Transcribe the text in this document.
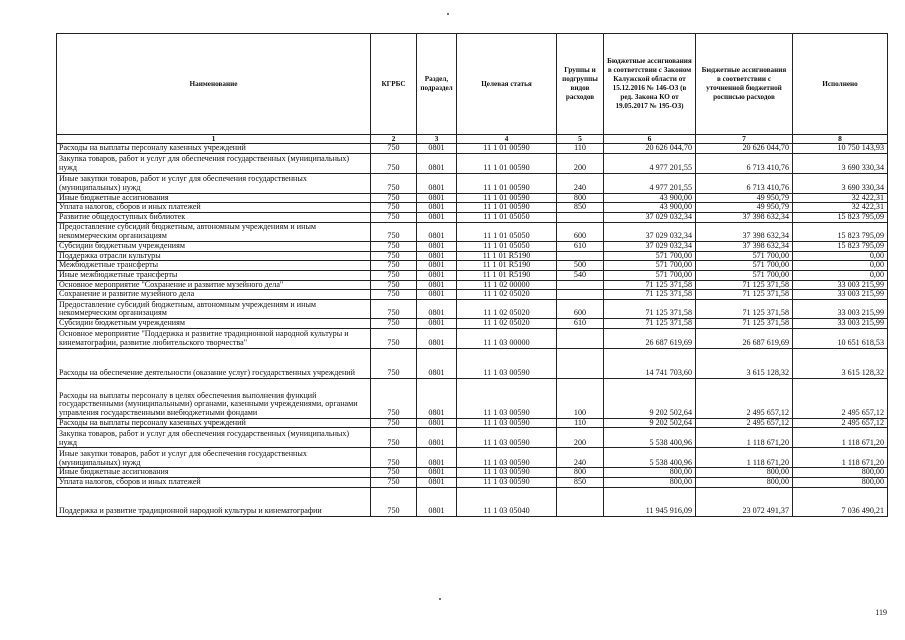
Наименование	КГРБС	Раздел, подраздел	Целевая статья	Группы и подгруппы видов расходов	Бюджетные ассигнования в соответствии с Законом Калужской области от 15.12.2016 № 146-ОЗ (в ред. Закона КО от 19.05.2017 № 195-ОЗ)	Бюджетные ассигнования в соответствии с уточненной бюджетной росписью расходов	Исполнено
1	2	3	4	5	6	7	8
Расходы на выплаты персоналу казенных учреждений	750	0801	11 1 01 00590	110	20 626 044,70	20 626 044,70	10 750 143,93
Закупка товаров, работ и услуг для обеспечения государственных (муниципальных) нужд	750	0801	11 1 01 00590	200	4 977 201,55	6 713 410,76	3 690 330,34
Иные закупки товаров, работ и услуг для обеспечения государственных (муниципальных) нужд	750	0801	11 1 01 00590	240	4 977 201,55	6 713 410,76	3 690 330,34
Иные бюджетные ассигнования	750	0801	11 1 01 00590	800	43 900,00	49 950,79	32 422,31
Уплата налогов, сборов и иных платежей	750	0801	11 1 01 00590	850	43 900,00	49 950,79	32 422,31
Развитие общедоступных библиотек	750	0801	11 1 01 05050		37 029 032,34	37 398 632,34	15 823 795,09
Предоставление субсидий бюджетным, автономным учреждениям и иным некоммерческим организациям	750	0801	11 1 01 05050	600	37 029 032,34	37 398 632,34	15 823 795,09
Субсидии бюджетным учреждениям	750	0801	11 1 01 05050	610	37 029 032,34	37 398 632,34	15 823 795,09
Поддержка отрасли культуры	750	0801	11 1 01 R5190		571 700,00	571 700,00	0,00
Межбюджетные трансферты	750	0801	11 1 01 R5190	500	571 700,00	571 700,00	0,00
Иные межбюджетные трансферты	750	0801	11 1 01 R5190	540	571 700,00	571 700,00	0,00
Основное мероприятие "Сохранение и развитие музейного дела"	750	0801	11 1 02 00000		71 125 371,58	71 125 371,58	33 003 215,99
Сохранение и развитие музейного дела	750	0801	11 1 02 05020		71 125 371,58	71 125 371,58	33 003 215,99
Предоставление субсидий бюджетным, автономным учреждениям и иным некоммерческим организациям	750	0801	11 1 02 05020	600	71 125 371,58	71 125 371,58	33 003 215,99
Субсидии бюджетным учреждениям	750	0801	11 1 02 05020	610	71 125 371,58	71 125 371,58	33 003 215,99
Основное мероприятие "Поддержка и развитие традиционной народной культуры и кинематографии, развитие любительского творчества"	750	0801	11 1 03 00000		26 687 619,69	26 687 619,69	10 651 618,53
Расходы на обеспечение деятельности (оказание услуг) государственных учреждений	750	0801	11 1 03 00590		14 741 703,60	3 615 128,32	3 615 128,32
Расходы на выплаты персоналу в целях обеспечения выполнения функций государственными (муниципальными) органами, казенными учреждениями, органами управления государственными внебюджетными фондами	750	0801	11 1 03 00590	100	9 202 502,64	2 495 657,12	2 495 657,12
Расходы на выплаты персоналу казенных учреждений	750	0801	11 1 03 00590	110	9 202 502,64	2 495 657,12	2 495 657,12
Закупка товаров, работ и услуг для обеспечения государственных (муниципальных) нужд	750	0801	11 1 03 00590	200	5 538 400,96	1 118 671,20	1 118 671,20
Иные закупки товаров, работ и услуг для обеспечения государственных (муниципальных) нужд	750	0801	11 1 03 00590	240	5 538 400,96	1 118 671,20	1 118 671,20
Иные бюджетные ассигнования	750	0801	11 1 03 00590	800	800,00	800,00	800,00
Уплата налогов, сборов и иных платежей	750	0801	11 1 03 00590	850	800,00	800,00	800,00
Поддержка и развитие традиционной народной культуры и кинематографии	750	0801	11 1 03 05040		11 945 916,09	23 072 491,37	7 036 490,21
119
